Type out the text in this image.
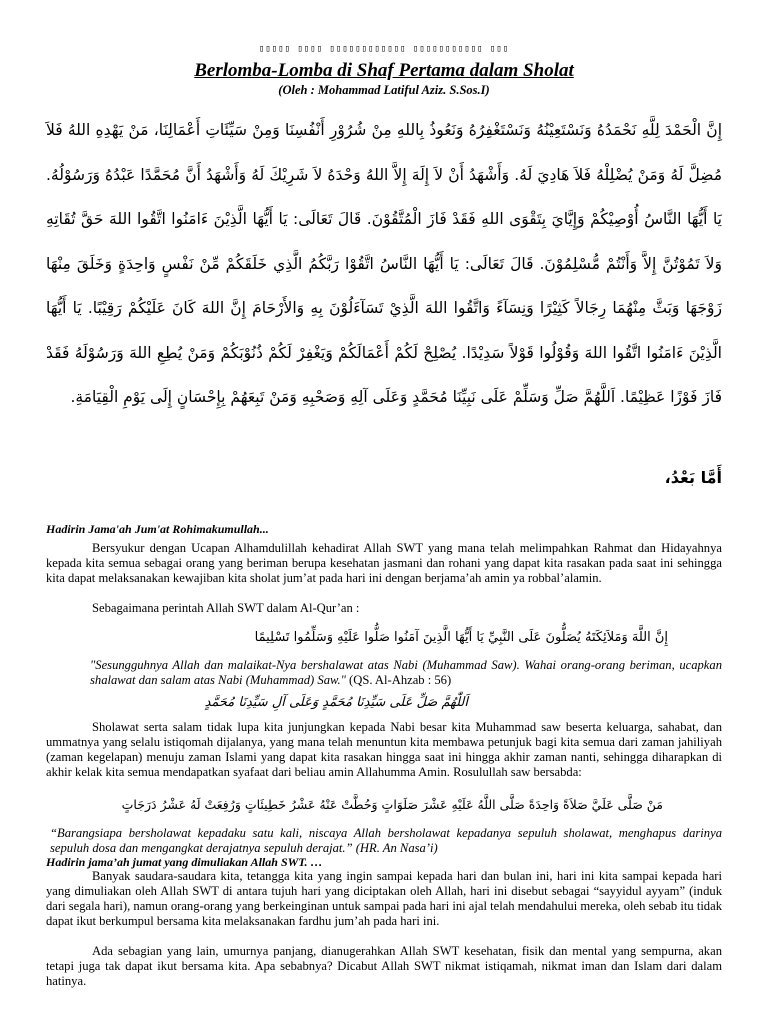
▯▯▯▯▯ ▯▯▯▯ ▯▯▯▯▯▯▯▯▯▯▯▯ ▯▯▯▯▯▯▯▯▯▯▯ ▯▯▯
Berlomba-Lomba di Shaf Pertama dalam Sholat
(Oleh : Mohammad Latiful Aziz. S.Sos.I)

إِنَّ الْحَمْدَ لِلَّهِ نَحْمَدُهُ وَنَسْتَعِيْنُهُ وَنَسْتَغْفِرُهُ وَنَعُوذُ بِاللهِ مِنْ شُرُوْرِ أَنْفُسِنَا وَمِنْ سَيِّئَاتِ أَعْمَالِنَا، مَنْ يَهْدِهِ اللهُ فَلاَ مُضِلَّ لَهُ وَمَنْ يُضْلِلْهُ فَلاَ هَادِيَ لَهُ. وَأَشْهَدُ أَنْ لاَ إِلَهَ إِلاَّ اللهُ وَحْدَهُ لاَ شَرِيْكَ لَهُ وَأَشْهَدُ أَنَّ مُحَمَّدًا عَبْدُهُ وَرَسُوْلُهُ. يَا أَيُّهَا النَّاسُ أُوْصِيْكُمْ وَإِيَّايَ بِتَقْوَى اللهِ فَقَدْ فَازَ الْمُتَّقُوْنَ. قَالَ تَعَالَى: يَا أَيُّهَا الَّذِيْنَ ءَامَنُوا اتَّقُوا اللهَ حَقَّ تُقَاتِهِ وَلاَ تَمُوْتُنَّ إِلاَّ وَأَنْتُمْ مُّسْلِمُوْنَ. قَالَ تَعَالَى: يَا أَيُّهَا النَّاسُ اتَّقُوْا رَبَّكُمُ الَّذِي خَلَقَكُمْ مِّنْ نَفْسٍ وَاحِدَةٍ وَخَلَقَ مِنْهَا زَوْجَهَا وَبَثَّ مِنْهُمَا رِجَالاً كَثِيْرًا وَنِسَآءً وَاتَّقُوا اللهَ الَّذِيْ تَسَآءَلُوْنَ بِهِ وَالأَرْحَامَ إِنَّ اللهَ كَانَ عَلَيْكُمْ رَقِيْبًا. يَا أَيُّهَا الَّذِيْنَ ءَامَنُوا اتَّقُوا اللهَ وَقُوْلُوا قَوْلاً سَدِيْدًا. يُصْلِحْ لَكُمْ أَعْمَالَكُمْ وَيَغْفِرْ لَكُمْ ذُنُوْبَكُمْ وَمَنْ يُطِعِ اللهَ وَرَسُوْلَهُ فَقَدْ فَازَ فَوْزًا عَظِيْمًا. اَللَّهُمَّ صَلِّ وَسَلِّمْ عَلَى نَبِيِّنَا مُحَمَّدٍ وَعَلَى آلِهِ وَصَحْبِهِ وَمَنْ تَبِعَهُمْ بِإِحْسَانٍ إِلَى يَوْمِ الْقِيَامَةِ.

أَمَّا بَعْدُ،
Hadirin Jama'ah Jum'at Rohimakumullah...
Bersyukur dengan Ucapan Alhamdulillah kehadirat Allah SWT yang mana telah melimpahkan Rahmat dan Hidayahnya kepada kita semua sebagai orang yang beriman berupa kesehatan jasmani dan rohani yang dapat kita rasakan pada saat ini sehingga kita dapat melaksanakan kewajiban kita sholat jum’at pada hari ini dengan berjama’ah amin ya robbal’alamin.
Sebagaimana perintah Allah SWT dalam Al-Qur’an :
إِنَّ اللَّهَ وَمَلاَئِكَتَهُ يُصَلُّونَ عَلَى النَّبِيِّ يَا أَيُّهَا الَّذِينَ آمَنُوا صَلُّوا عَلَيْهِ وَسَلِّمُوا تَسْلِيمًا
"Sesungguhnya Allah dan malaikat-Nya bershalawat atas Nabi (Muhammad Saw). Wahai orang-orang beriman, ucapkan shalawat dan salam atas Nabi (Muhammad) Saw." (QS. Al-Ahzab : 56)
اَللّٰهُمَّ صَلِّ عَلَى سَيِّدِنَا مُحَمَّدٍ وَعَلَى آلِ سَيِّدِنَا مُحَمَّدٍ
Sholawat serta salam tidak lupa kita junjungkan kepada Nabi besar kita Muhammad saw beserta keluarga, sahabat, dan ummatnya yang selalu istiqomah dijalanya, yang mana telah menuntun kita membawa petunjuk bagi kita semua dari zaman jahiliyah (zaman kegelapan) menuju zaman Islami yang dapat kita rasakan hingga saat ini hingga akhir zaman nanti, sehingga diharapkan di akhir kelak kita semua mendapatkan syafaat dari beliau amin Allahumma Amin. Rosulullah saw bersabda:
مَنْ صَلَّى عَلَيَّ صَلاَةً وَاحِدَةً صَلَّى اللَّهُ عَلَيْهِ عَشْرَ صَلَوَاتٍ وَحُطَّتْ عَنْهُ عَشْرُ خَطِيئَاتٍ وَرُفِعَتْ لَهُ عَشْرُ دَرَجَاتٍ
“Barangsiapa bersholawat kepadaku satu kali, niscaya Allah bersholawat kepadanya sepuluh sholawat, menghapus darinya sepuluh dosa dan mengangkat derajatnya sepuluh derajat.” (HR. An Nasa’i)
Hadirin jama’ah jumat yang dimuliakan Allah SWT. …
Banyak saudara-saudara kita, tetangga kita yang ingin sampai kepada hari dan bulan ini, hari ini kita sampai kepada hari yang dimuliakan oleh Allah SWT di antara tujuh hari yang diciptakan oleh Allah, hari ini disebut sebagai “sayyidul ayyam” (induk dari segala hari), namun orang-orang yang berkeinginan untuk sampai pada hari ini ajal telah mendahului mereka, oleh sebab itu tidak dapat ikut berkumpul bersama kita melaksanakan fardhu jum’ah pada hari ini.
Ada sebagian yang lain, umurnya panjang, dianugerahkan Allah SWT kesehatan, fisik dan mental yang sempurna, akan tetapi juga tak dapat ikut bersama kita. Apa sebabnya? Dicabut Allah SWT nikmat istiqamah, nikmat iman dan Islam dari dalam hatinya.
